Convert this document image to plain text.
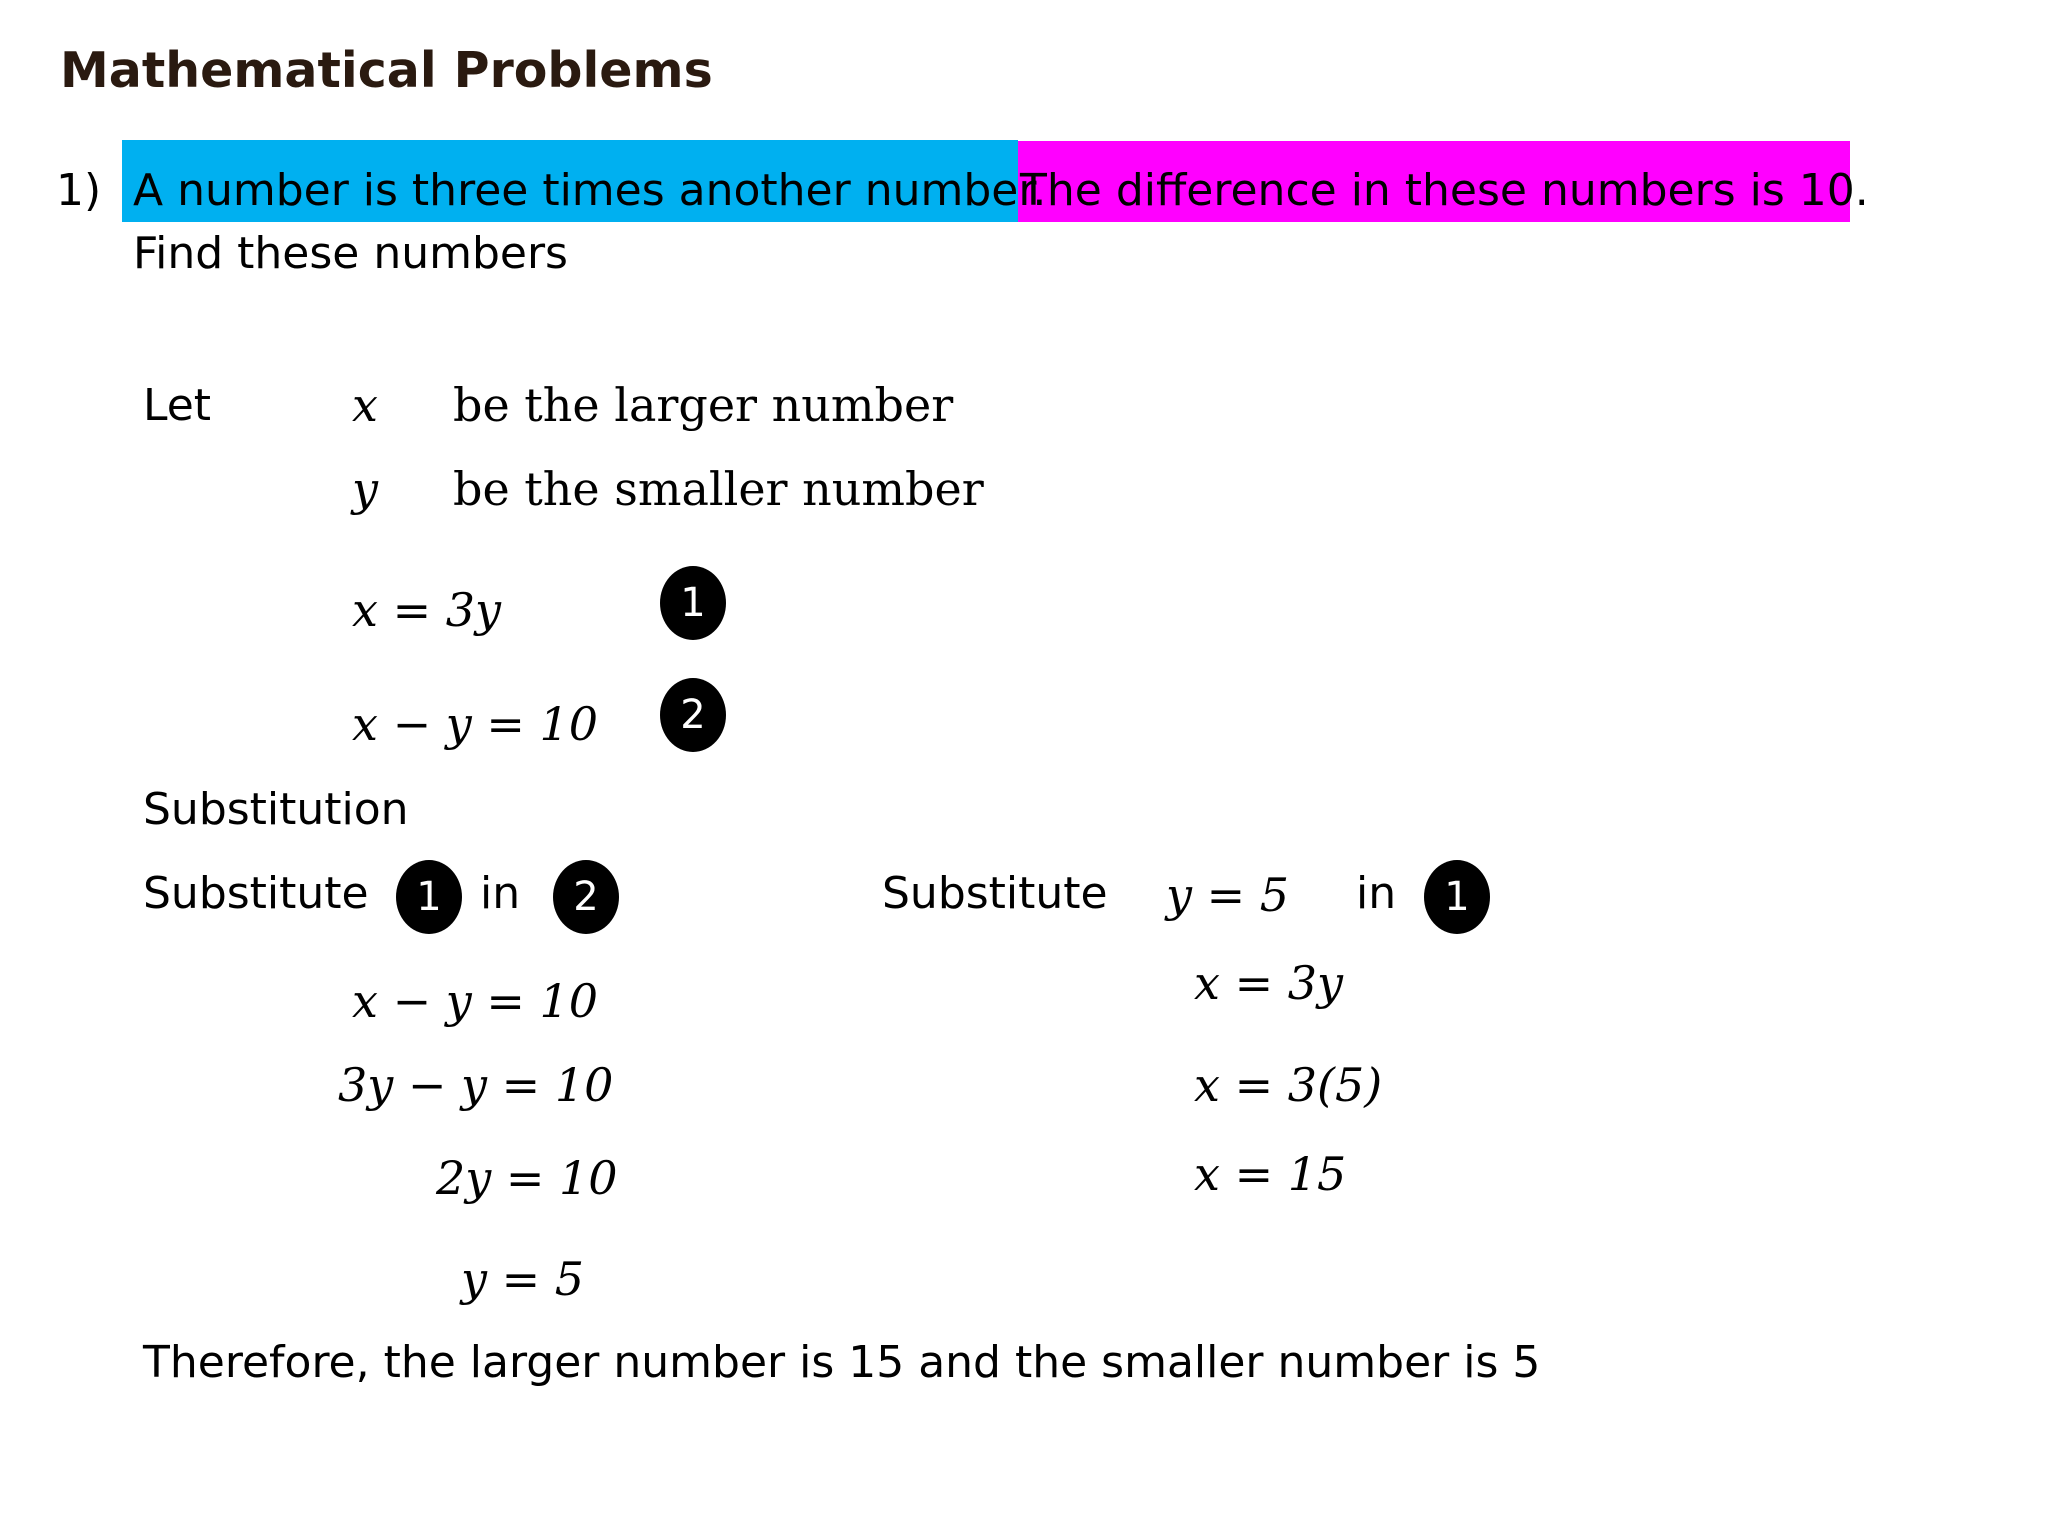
Mathematical Problems
1) A number is three times another number.
The difference in these numbers is 10.
Find these numbers
Let	x be the larger number
y be the smaller number
x = 3y	1
x − y = 10	2
Substitution
Substitute	1 in	2
x − y = 10
3y − y = 10
2y = 10
y = 5
Substitute y = 5 in	1
x = 3y
x = 3(5)
x = 15
Therefore, the larger number is 15 and the smaller number is 5
